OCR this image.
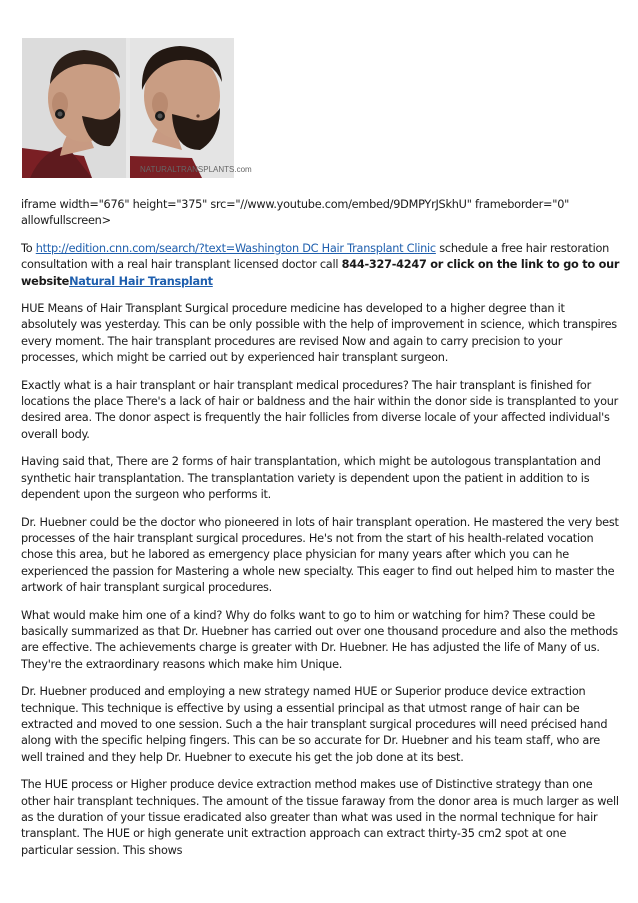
NATURALTRANSPLANTS.com

iframe width="676" height="375" src="//www.youtube.com/embed/9DMPYrJSkhU" frameborder="0" allowfullscreen>

To http://edition.cnn.com/search/?text=Washington DC Hair Transplant Clinic schedule a free hair restoration consultation with a real hair transplant licensed doctor call 844-327-4247 or click on the link to go to our websiteNatural Hair Transplant

HUE Means of Hair Transplant Surgical procedure medicine has developed to a higher degree than it absolutely was yesterday. This can be only possible with the help of improvement in science, which transpires every moment. The hair transplant procedures are revised Now and again to carry precision to your processes, which might be carried out by experienced hair transplant surgeon.

Exactly what is a hair transplant or hair transplant medical procedures? The hair transplant is finished for locations the place There's a lack of hair or baldness and the hair within the donor side is transplanted to your desired area. The donor aspect is frequently the hair follicles from diverse locale of your affected individual's overall body.

Having said that, There are 2 forms of hair transplantation, which might be autologous transplantation and synthetic hair transplantation. The transplantation variety is dependent upon the patient in addition to is dependent upon the surgeon who performs it.

Dr. Huebner could be the doctor who pioneered in lots of hair transplant operation. He mastered the very best processes of the hair transplant surgical procedures. He's not from the start of his health-related vocation chose this area, but he labored as emergency place physician for many years after which you can he experienced the passion for Mastering a whole new specialty. This eager to find out helped him to master the artwork of hair transplant surgical procedures.

What would make him one of a kind? Why do folks want to go to him or watching for him? These could be basically summarized as that Dr. Huebner has carried out over one thousand procedure and also the methods are effective. The achievements charge is greater with Dr. Huebner. He has adjusted the life of Many of us. They're the extraordinary reasons which make him Unique.

Dr. Huebner produced and employing a new strategy named HUE or Superior produce device extraction technique. This technique is effective by using a essential principal as that utmost range of hair can be extracted and moved to one session. Such a the hair transplant surgical procedures will need précised hand along with the specific helping fingers. This can be so accurate for Dr. Huebner and his team staff, who are well trained and they help Dr. Huebner to execute his get the job done at its best.

The HUE process or Higher produce device extraction method makes use of Distinctive strategy than one other hair transplant techniques. The amount of the tissue faraway from the donor area is much larger as well as the duration of your tissue eradicated also greater than what was used in the normal technique for hair transplant. The HUE or high generate unit extraction approach can extract thirty-35 cm2 spot at one particular session. This shows
